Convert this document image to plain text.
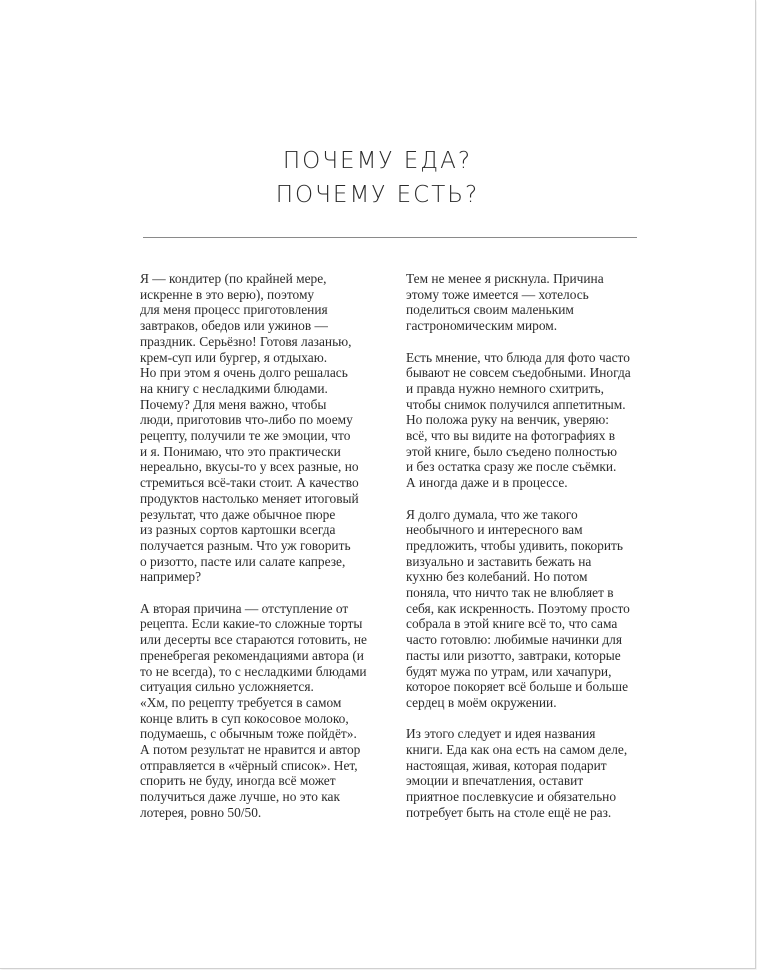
ПОЧЕМУ ЕДА?
ПОЧЕМУ ЕСТЬ?
Я — кондитер (по крайней мере,
искренне в это верю), поэтому
для меня процесс приготовления
завтраков, обедов или ужинов —
праздник. Серьёзно! Готовя лазанью,
крем-суп или бургер, я отдыхаю.
Но при этом я очень долго решалась
на книгу с несладкими блюдами.
Почему? Для меня важно, чтобы
люди, приготовив что-либо по моему
рецепту, получили те же эмоции, что
и я. Понимаю, что это практически
нереально, вкусы-то у всех разные, но
стремиться всё-таки стоит. А качество
продуктов настолько меняет итоговый
результат, что даже обычное пюре
из разных сортов картошки всегда
получается разным. Что уж говорить
о ризотто, пасте или салате капрезе,
например?
А вторая причина — отступление от
рецепта. Если какие-то сложные торты
или десерты все стараются готовить, не
пренебрегая рекомендациями автора (и
то не всегда), то с несладкими блюдами
ситуация сильно усложняется.
«Хм, по рецепту требуется в самом
конце влить в суп кокосовое молоко,
подумаешь, с обычным тоже пойдёт».
А потом результат не нравится и автор
отправляется в «чёрный список». Нет,
спорить не буду, иногда всё может
получиться даже лучше, но это как
лотерея, ровно 50/50.
Тем не менее я рискнула. Причина
этому тоже имеется — хотелось
поделиться своим маленьким
гастрономическим миром.
Есть мнение, что блюда для фото часто
бывают не совсем съедобными. Иногда
и правда нужно немного схитрить,
чтобы снимок получился аппетитным.
Но положа руку на венчик, уверяю:
всё, что вы видите на фотографиях в
этой книге, было съедено полностью
и без остатка сразу же после съёмки.
А иногда даже и в процессе.
Я долго думала, что же такого
необычного и интересного вам
предложить, чтобы удивить, покорить
визуально и заставить бежать на
кухню без колебаний. Но потом
поняла, что ничто так не влюбляет в
себя, как искренность. Поэтому просто
собрала в этой книге всё то, что сама
часто готовлю: любимые начинки для
пасты или ризотто, завтраки, которые
будят мужа по утрам, или хачапури,
которое покоряет всё больше и больше
сердец в моём окружении.
Из этого следует и идея названия
книги. Еда как она есть на самом деле,
настоящая, живая, которая подарит
эмоции и впечатления, оставит
приятное послевкусие и обязательно
потребует быть на столе ещё не раз.
